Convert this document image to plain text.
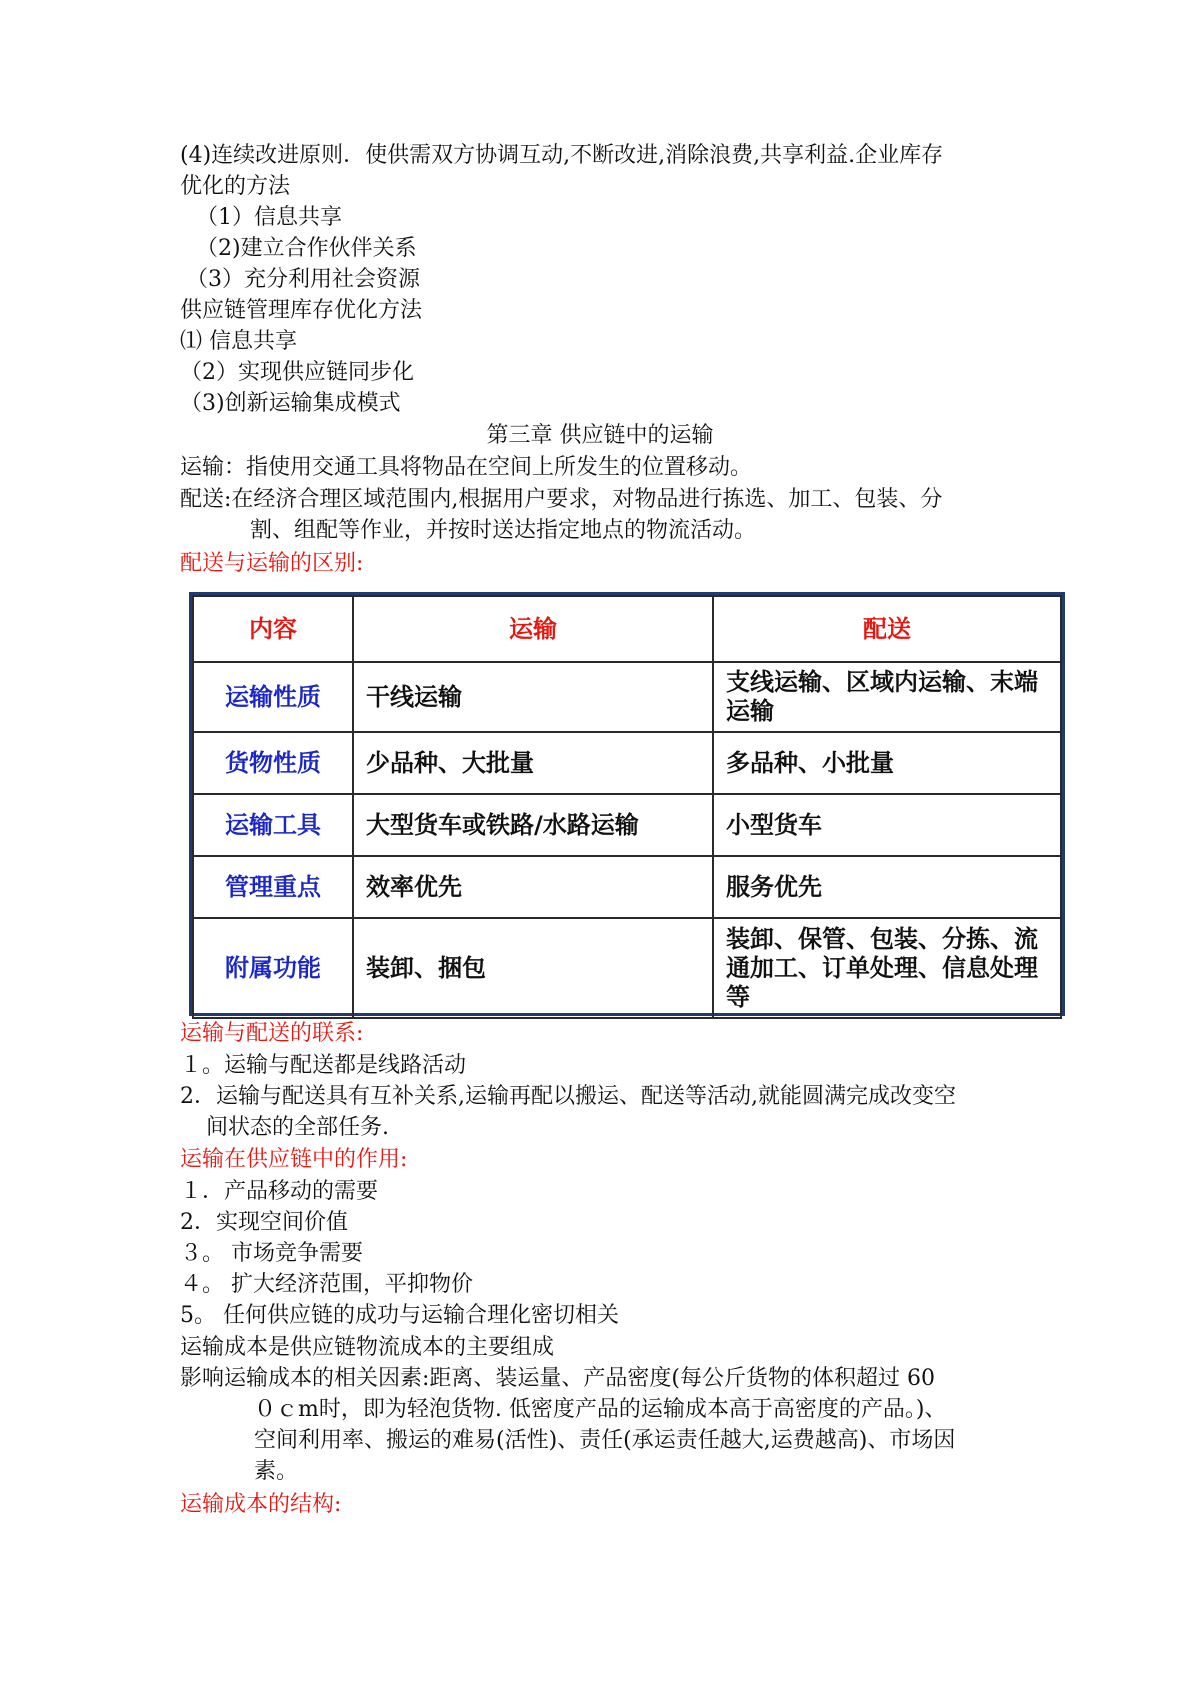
(4)连续改进原则．使供需双方协调互动,不断改进,消除浪费,共享利益.企业库存
优化的方法
（1）信息共享
（2)建立合作伙伴关系
（3）充分利用社会资源
供应链管理库存优化方法
⑴ 信息共享
（2）实现供应链同步化
（3)创新运输集成模式
第三章 供应链中的运输
运输：指使用交通工具将物品在空间上所发生的位置移动。
配送:在经济合理区域范围内,根据用户要求，对物品进行拣选、加工、包装、分
割、组配等作业，并按时送达指定地点的物流活动。
配送与运输的区别:
内容	运输	配送
运输性质	干线运输	支线运输、区域内运输、末端运输
货物性质	少品种、大批量	多品种、小批量
运输工具	大型货车或铁路/水路运输	小型货车
管理重点	效率优先	服务优先
附属功能	装卸、捆包	装卸、保管、包装、分拣、流通加工、订单处理、信息处理等
运输与配送的联系:
１。运输与配送都是线路活动
2．运输与配送具有互补关系,运输再配以搬运、配送等活动,就能圆满完成改变空
间状态的全部任务.
运输在供应链中的作用:
１．产品移动的需要
2．实现空间价值
３。 市场竞争需要
４。 扩大经济范围，平抑物价
5。 任何供应链的成功与运输合理化密切相关
运输成本是供应链物流成本的主要组成
影响运输成本的相关因素:距离、装运量、产品密度(每公斤货物的体积超过 60
０ｃm时，即为轻泡货物. 低密度产品的运输成本高于高密度的产品。)、
空间利用率、搬运的难易(活性)、责任(承运责任越大,运费越高)、市场因
素。
运输成本的结构:
